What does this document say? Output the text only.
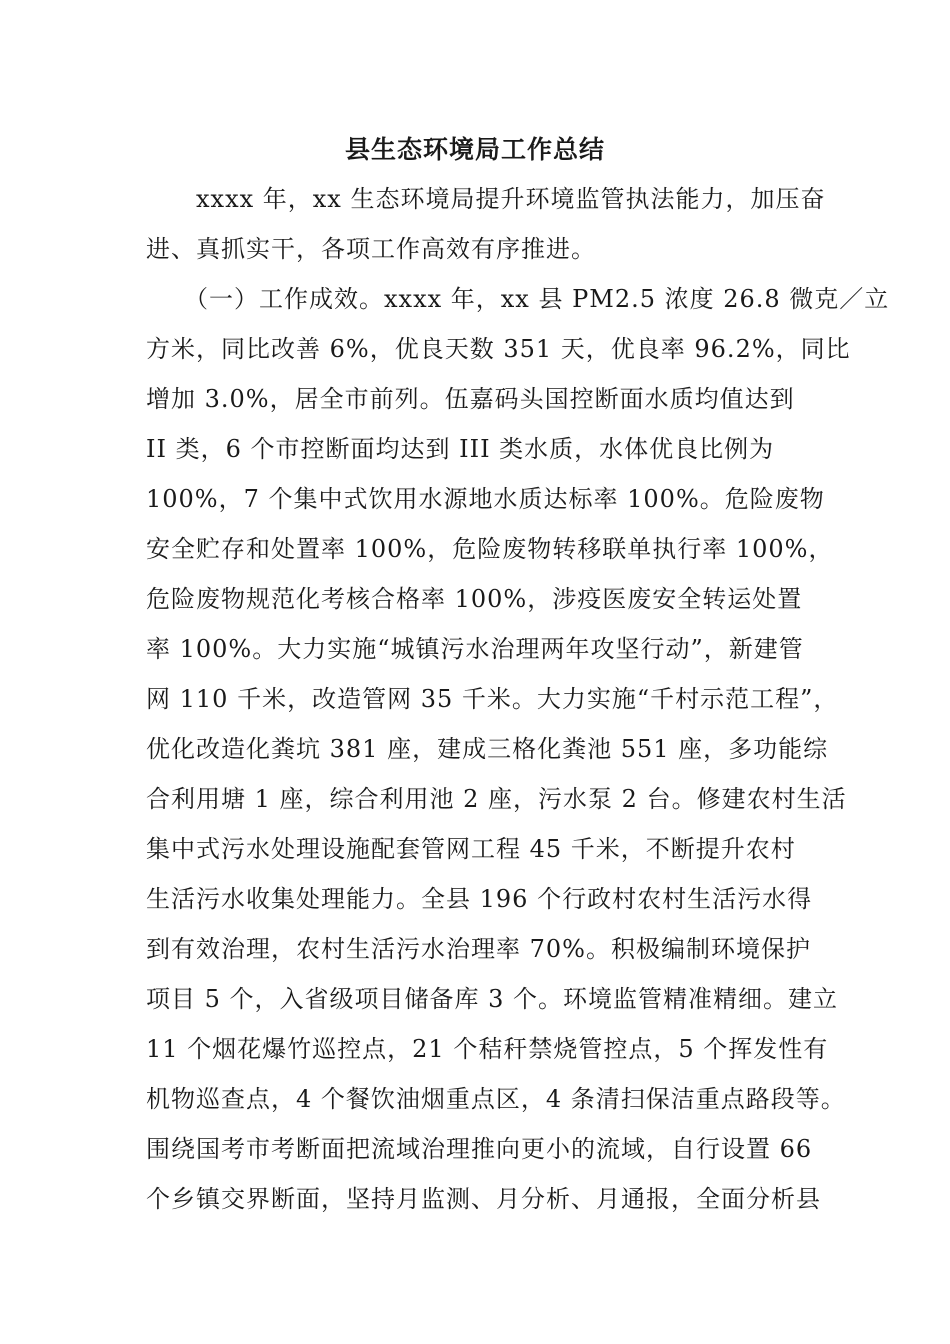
县生态环境局工作总结
　　xxxx 年，xx 生态环境局提升环境监管执法能力，加压奋
进、真抓实干，各项工作高效有序推进。
　　（一）工作成效。xxxx 年，xx 县 PM2.5 浓度 26.8 微克／立
方米，同比改善 6%，优良天数 351 天，优良率 96.2%，同比
增加 3.0%，居全市前列。伍嘉码头国控断面水质均值达到
II 类，6 个市控断面均达到 III 类水质，水体优良比例为
100%，7 个集中式饮用水源地水质达标率 100%。危险废物
安全贮存和处置率 100%，危险废物转移联单执行率 100%，
危险废物规范化考核合格率 100%，涉疫医废安全转运处置
率 100%。大力实施“城镇污水治理两年攻坚行动”，新建管
网 110 千米，改造管网 35 千米。大力实施“千村示范工程”，
优化改造化粪坑 381 座，建成三格化粪池 551 座，多功能综
合利用塘 1 座，综合利用池 2 座，污水泵 2 台。修建农村生活
集中式污水处理设施配套管网工程 45 千米，不断提升农村
生活污水收集处理能力。全县 196 个行政村农村生活污水得
到有效治理，农村生活污水治理率 70%。积极编制环境保护
项目 5 个，入省级项目储备库 3 个。环境监管精准精细。建立
11 个烟花爆竹巡控点，21 个秸秆禁烧管控点，5 个挥发性有
机物巡查点，4 个餐饮油烟重点区，4 条清扫保洁重点路段等。
围绕国考市考断面把流域治理推向更小的流域，自行设置 66
个乡镇交界断面，坚持月监测、月分析、月通报，全面分析县
